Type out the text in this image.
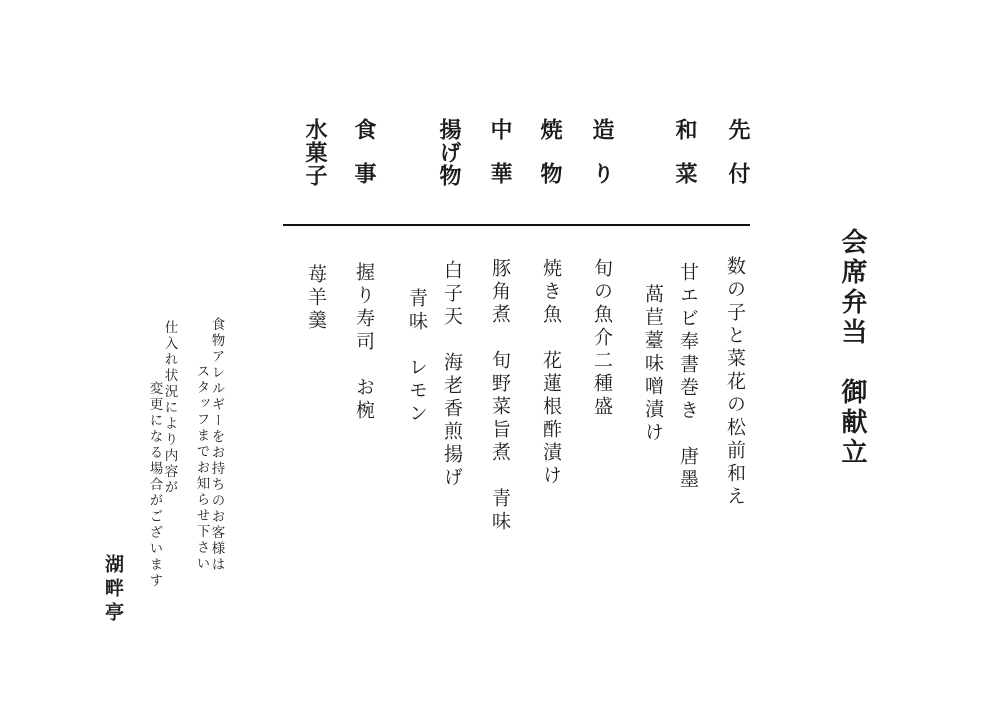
会席弁当　御献立
先付
和菜
造り
焼物
中華
揚げ物
食事
水菓子
数の子と菜花の松前和え
甘エビ奉書巻き　唐墨
萵苣薹味噌漬け
旬の魚介二種盛
焼き魚　花蓮根酢漬け
豚角煮　旬野菜旨煮　青味
白子天　海老香煎揚げ
青味　レモン
握り寿司　お椀
苺羊羹
食物アレルギーをお持ちのお客様は
スタッフまでお知らせ下さい
仕入れ状況により内容が
変更になる場合がございます
湖畔亭
